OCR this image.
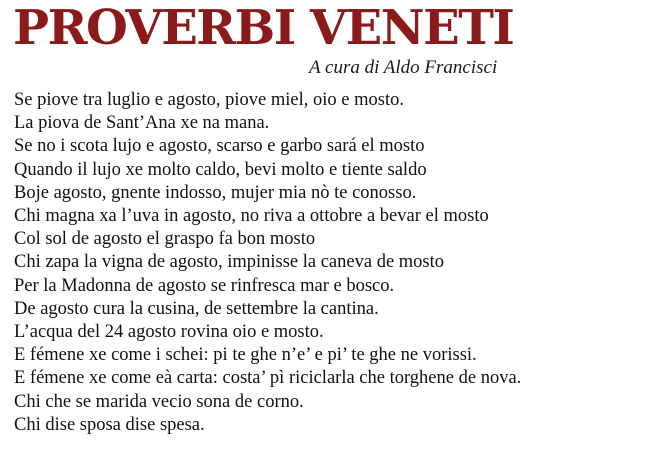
PROVERBI VENETI
A cura di Aldo Francisci
Se piove tra luglio e agosto, piove miel, oio e mosto.
La piova de Sant’Ana xe na mana.
Se no i scota lujo e agosto, scarso e garbo sará el mosto
Quando il lujo xe molto caldo, bevi molto e tiente saldo
Boje agosto, gnente indosso, mujer mia nò te conosso.
Chi magna xa l’uva in agosto, no riva a ottobre a bevar el mosto
Col sol de agosto el graspo fa bon mosto
Chi zapa la vigna de agosto, impinisse la caneva de mosto
Per la Madonna de agosto se rinfresca mar e bosco.
De agosto cura la cusina, de settembre la cantina.
L’acqua del 24 agosto rovina oio e mosto.
E fémene xe come i schei: pi te ghe n’e’ e pi’ te ghe ne vorissi.
E fémene xe come eà carta: costa’ pì riciclarla che torghene de nova.
Chi che se marida vecio sona de corno.
Chi dise sposa dise spesa.
